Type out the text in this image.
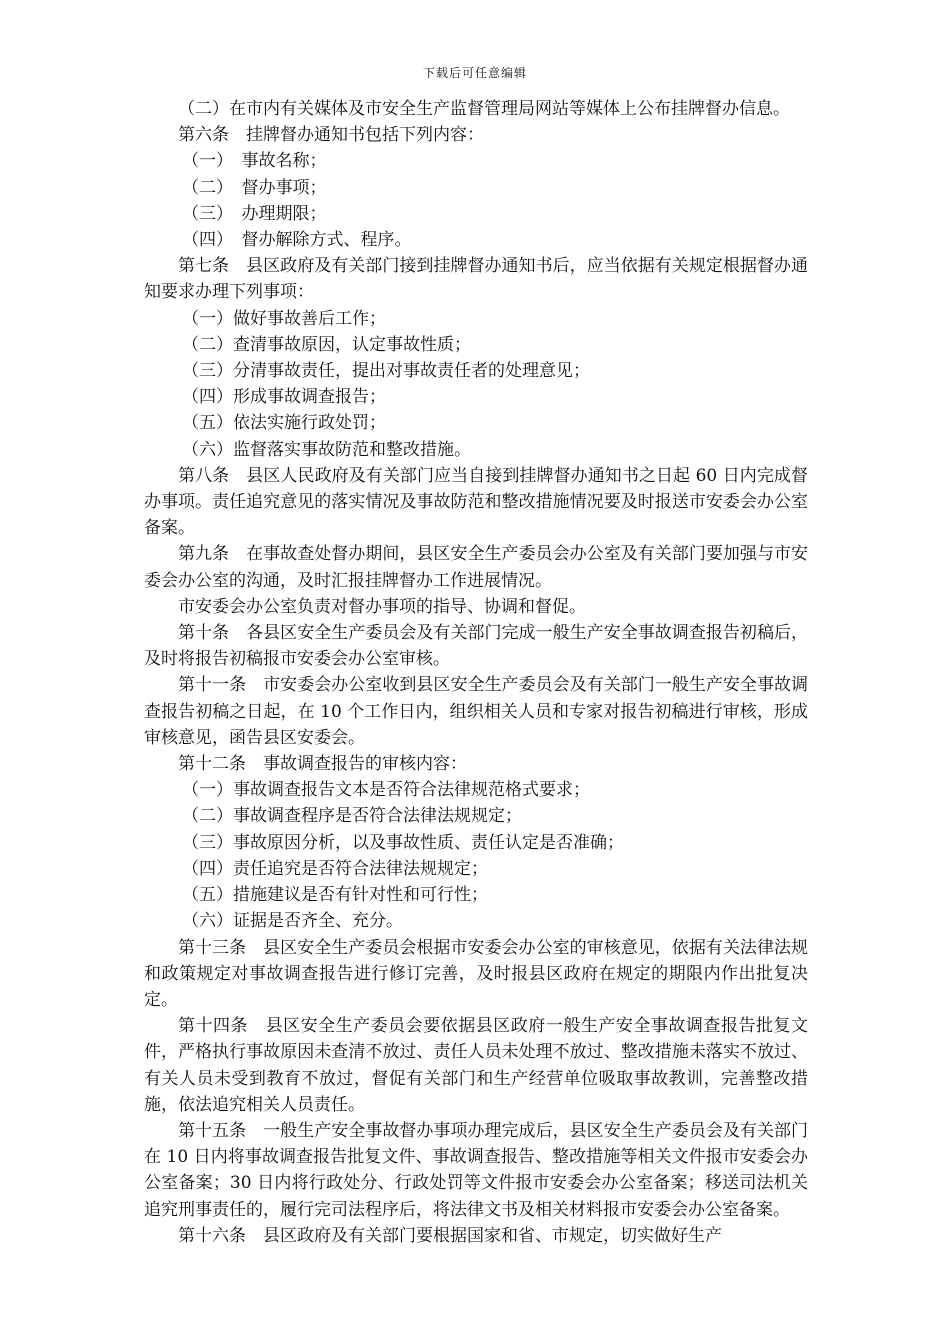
下载后可任意编辑

（二）在市内有关媒体及市安全生产监督管理局网站等媒体上公布挂牌督办信息。

第六条　挂牌督办通知书包括下列内容：

（一）　事故名称；

（二）　督办事项；

（三）　办理期限；

（四）　督办解除方式、程序。

第七条　县区政府及有关部门接到挂牌督办通知书后，应当依据有关规定根据督办通知要求办理下列事项：

（一）做好事故善后工作；

（二）查清事故原因，认定事故性质；

（三）分清事故责任，提出对事故责任者的处理意见；

（四）形成事故调查报告；

（五）依法实施行政处罚；

（六）监督落实事故防范和整改措施。

第八条　县区人民政府及有关部门应当自接到挂牌督办通知书之日起 60 日内完成督办事项。责任追究意见的落实情况及事故防范和整改措施情况要及时报送市安委会办公室备案。

第九条　在事故查处督办期间，县区安全生产委员会办公室及有关部门要加强与市安委会办公室的沟通，及时汇报挂牌督办工作进展情况。

市安委会办公室负责对督办事项的指导、协调和督促。

第十条　各县区安全生产委员会及有关部门完成一般生产安全事故调查报告初稿后，及时将报告初稿报市安委会办公室审核。

第十一条　市安委会办公室收到县区安全生产委员会及有关部门一般生产安全事故调查报告初稿之日起，在 10 个工作日内，组织相关人员和专家对报告初稿进行审核，形成审核意见，函告县区安委会。

第十二条　事故调查报告的审核内容：

（一）事故调查报告文本是否符合法律规范格式要求；

（二）事故调查程序是否符合法律法规规定；

（三）事故原因分析，以及事故性质、责任认定是否准确；

（四）责任追究是否符合法律法规规定；

（五）措施建议是否有针对性和可行性；

（六）证据是否齐全、充分。

第十三条　县区安全生产委员会根据市安委会办公室的审核意见，依据有关法律法规和政策规定对事故调查报告进行修订完善，及时报县区政府在规定的期限内作出批复决定。

第十四条　县区安全生产委员会要依据县区政府一般生产安全事故调查报告批复文件，严格执行事故原因未查清不放过、责任人员未处理不放过、整改措施未落实不放过、有关人员未受到教育不放过，督促有关部门和生产经营单位吸取事故教训，完善整改措施，依法追究相关人员责任。

第十五条　一般生产安全事故督办事项办理完成后，县区安全生产委员会及有关部门在 10 日内将事故调查报告批复文件、事故调查报告、整改措施等相关文件报市安委会办公室备案；30 日内将行政处分、行政处罚等文件报市安委会办公室备案；移送司法机关追究刑事责任的，履行完司法程序后，将法律文书及相关材料报市安委会办公室备案。

第十六条　县区政府及有关部门要根据国家和省、市规定，切实做好生产
